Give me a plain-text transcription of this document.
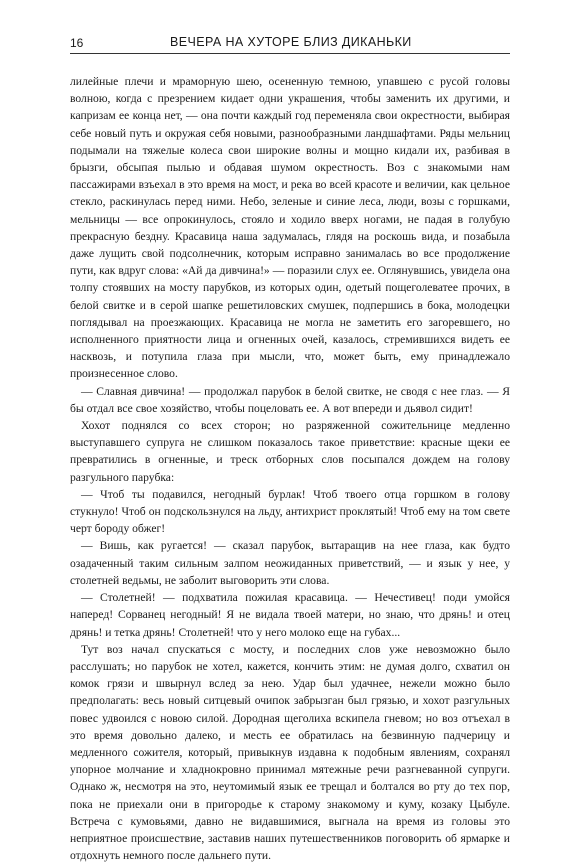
16	ВЕЧЕРА НА ХУТОРЕ БЛИЗ ДИКАНЬКИ

лилейные плечи и мраморную шею, осененную темною, упавшею с русой головы волною, когда с презрением кидает одни украшения, чтобы заменить их другими, и капризам ее конца нет, — она почти каждый год переменяла свои окрестности, выбирая себе новый путь и окружая себя новыми, разнообразными ландшафтами. Ряды мельниц подымали на тяжелые колеса свои широкие волны и мощно кидали их, разбивая в брызги, обсыпая пылью и обдавая шумом окрестность. Воз с знакомыми нам пассажирами взъехал в это время на мост, и река во всей красоте и величии, как цельное стекло, раскинулась перед ними. Небо, зеленые и синие леса, люди, возы с горшками, мельницы — все опрокинулось, стояло и ходило вверх ногами, не падая в голубую прекрасную бездну. Красавица наша задумалась, глядя на роскошь вида, и позабыла даже лущить свой подсолнечник, которым исправно занималась во все продолжение пути, как вдруг слова: «Ай да дивчина!» — поразили слух ее. Оглянувшись, увидела она толпу стоявших на мосту парубков, из которых один, одетый пощеголеватее прочих, в белой свитке и в серой шапке решетиловских смушек, подпершись в бока, молодецки поглядывал на проезжающих. Красавица не могла не заметить его загоревшего, но исполненного приятности лица и огненных очей, казалось, стремившихся видеть ее насквозь, и потупила глаза при мысли, что, может быть, ему принадлежало произнесенное слово.

— Славная дивчина! — продолжал парубок в белой свитке, не сводя с нее глаз. — Я бы отдал все свое хозяйство, чтобы поцеловать ее. А вот впереди и дьявол сидит!

Хохот поднялся со всех сторон; но разряженной сожительнице медленно выступавшего супруга не слишком показалось такое приветствие: красные щеки ее превратились в огненные, и треск отборных слов посыпался дождем на голову разгульного парубка:

— Чтоб ты подавился, негодный бурлак! Чтоб твоего отца горшком в голову стукнуло! Чтоб он подскользнулся на льду, антихрист проклятый! Чтоб ему на том свете черт бороду обжег!

— Вишь, как ругается! — сказал парубок, вытаращив на нее глаза, как будто озадаченный таким сильным залпом неожиданных приветствий, — и язык у нее, у столетней ведьмы, не заболит выговорить эти слова.

— Столетней! — подхватила пожилая красавица. — Нечестивец! поди умойся наперед! Сорванец негодный! Я не видала твоей матери, но знаю, что дрянь! и отец дрянь! и тетка дрянь! Столетней! что у него молоко еще на губах...

Тут воз начал спускаться с мосту, и последних слов уже невозможно было расслушать; но парубок не хотел, кажется, кончить этим: не думая долго, схватил он комок грязи и швырнул вслед за нею. Удар был удачнее, нежели можно было предполагать: весь новый ситцевый очипок забрызган был грязью, и хохот разгульных повес удвоился с новою силой. Дородная щеголиха вскипела гневом; но воз отъехал в это время довольно далеко, и месть ее обратилась на безвинную падчерицу и медленного сожителя, который, привыкнув издавна к подобным явлениям, сохранял упорное молчание и хладнокровно принимал мятежные речи разгневанной супруги. Однако ж, несмотря на это, неутомимый язык ее трещал и болтался во рту до тех пор, пока не приехали они в пригородье к старому знакомому и куму, козаку Цыбуле. Встреча с кумовьями, давно не видавшимися, выгнала на время из головы это неприятное происшествие, заставив наших путешественников поговорить об ярмарке и отдохнуть немного после дальнего пути.
